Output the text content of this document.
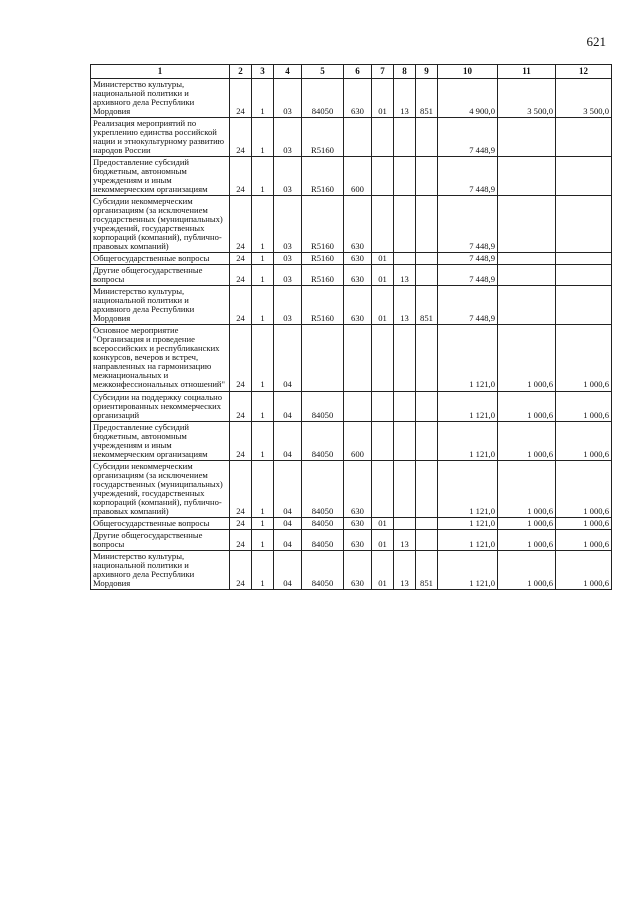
621
1	2	3	4	5	6	7	8	9	10	11	12
Министерство культуры, национальной политики и архивного дела Республики Мордовия	24	1	03	84050	630	01	13	851	4 900,0	3 500,0	3 500,0
Реализация мероприятий по укреплению единства российской нации и этнокультурному развитию народов России	24	1	03	R5160					7 448,9		
Предоставление субсидий бюджетным, автономным учреждениям и иным некоммерческим организациям	24	1	03	R5160	600				7 448,9		
Субсидии некоммерческим организациям (за исключением государственных (муниципальных) учреждений, государственных корпораций (компаний), публично-правовых компаний)	24	1	03	R5160	630				7 448,9		
Общегосударственные вопросы	24	1	03	R5160	630	01			7 448,9		
Другие общегосударственные вопросы	24	1	03	R5160	630	01	13		7 448,9		
Министерство культуры, национальной политики и архивного дела Республики Мордовия	24	1	03	R5160	630	01	13	851	7 448,9		
Основное мероприятие "Организация и проведение всероссийских и республиканских конкурсов, вечеров и встреч, направленных на гармонизацию межнациональных и межконфессиональных отношений"	24	1	04						1 121,0	1 000,6	1 000,6
Субсидии на поддержку социально ориентированных некоммерческих организаций	24	1	04	84050					1 121,0	1 000,6	1 000,6
Предоставление субсидий бюджетным, автономным учреждениям и иным некоммерческим организациям	24	1	04	84050	600				1 121,0	1 000,6	1 000,6
Субсидии некоммерческим организациям (за исключением государственных (муниципальных) учреждений, государственных корпораций (компаний), публично-правовых компаний)	24	1	04	84050	630				1 121,0	1 000,6	1 000,6
Общегосударственные вопросы	24	1	04	84050	630	01			1 121,0	1 000,6	1 000,6
Другие общегосударственные вопросы	24	1	04	84050	630	01	13		1 121,0	1 000,6	1 000,6
Министерство культуры, национальной политики и архивного дела Республики Мордовия	24	1	04	84050	630	01	13	851	1 121,0	1 000,6	1 000,6
